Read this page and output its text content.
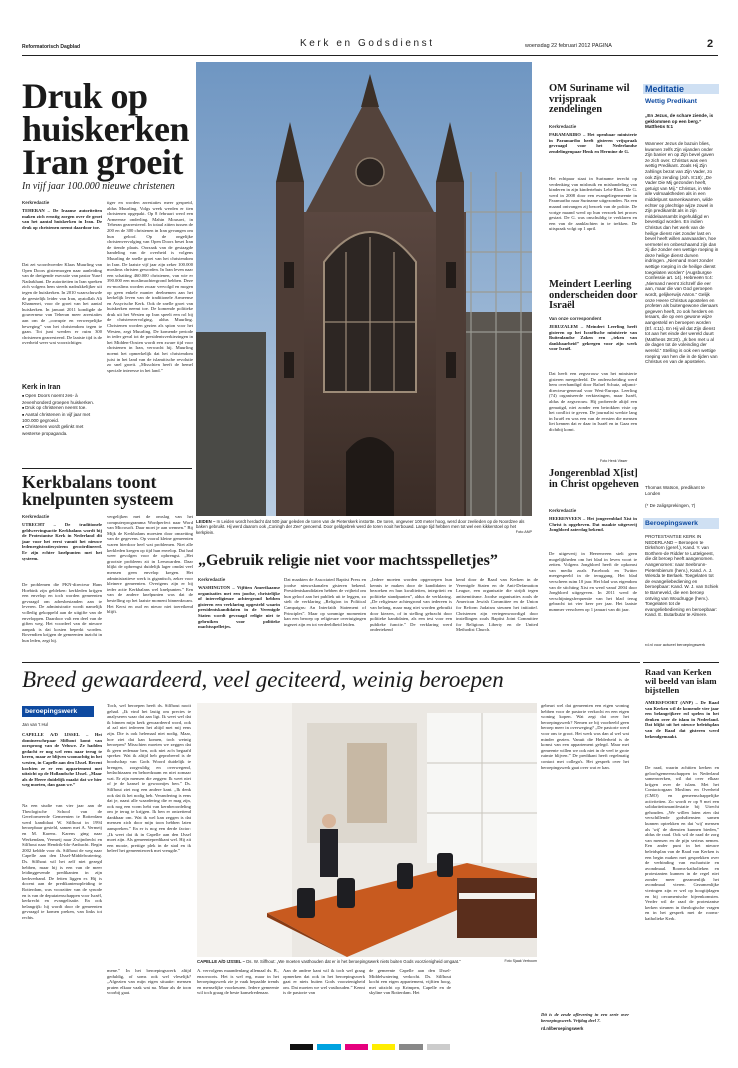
Reformatorisch Dagblad	Kerk en Godsdienst	woensdag 22 februari 2012 PAGINA	2
Druk op huiskerken Iran groeit
In vijf jaar 100.000 nieuwe christenen
Kerkredactie
TEHERAN – De Iraanse autoriteiten maken zich ernstig zorgen over de groei van het aantal huiskerken in Iran. De druk op christenen neemt daardoor toe.
Dat zei woordvoerder Klaas Muurling van Open Doors gistermorgen naar aanleiding van de dreigende executie van pastor Yusef Nadarkhani. De autoriteiten in Iran spreken zich volgens hem steeds nadrukkelijker uit tegen de huiskerken. In 2010 waarschuwde de geestelijk leider van Iran, ayatollah Ali Khamenei, voor de groei van het aantal huiskerken. In januari 2011 kondigde de gouverneur van Teheran meer arrestaties aan om de „corrupte en verwerpelijke beweging” van het christendom tegen te gaan. Tot juni werden er ruim 300 christenen gearresteerd. De laatste tijd is de overheid weer wat voorzichtiger.
Kerk in Iran
■ Open Doors noemt zes- à zevenhonderd groepen huiskerken.
■ Druk op christenen neemt toe.
■ Aantal christenen in vijf jaar met 100.000 gegroeid.
■ Christenen wordt gelinkt met westerse propaganda.
tiger en worden arrestaties meer gespreid, aldus Muurling. Volgs week werden er tien christenen opgepakt. Op 8 februari werd een Armeense onderling. Mahin Mousavi, in Teheran gearresteerd. In totaal zitten tussen de 200 en de 300 christenen in Iran gevangen om hun geloof. Op de ongelijke christenvervolging van Open Doors beset Iran de tiende plaats. Oorzaak van de gestaagde handeling van de overheid is volgens Muurling de snelle groei van het christendom in Iran. De laatste vijf jaar zijn zeker 100.000 moslims christen geworden. In Iran leven naar een schatting 460.000 christenen, van wie er 390.000 een moslimachtergrond hebben. Deze ex-moslims worden zwaar vervolgd en mogen op geen enkele manier deelnemen aan het kerkelijk leven van de traditionele Armeense en Assyrische Kerk. Ook de snelle groei van huiskerken neemt toe. De komende politieke druk uit het Westen op Iran speelt een rol bij de christenvervolging, aldus Muurling. Christenen worden gezien als spion voor het Westen, zegt Muurling. De komende periode in ieder geval tot de presidentsverkiezingen in het Midden-Oosten wordt een zware tijd voor christenen in Iran, verwacht hij. Muurling noemt het opmerkelijk dat het christendom juist in het land van de islamitische revolutie zo snel groeit. „Misschien heeft de hemel speciale interesse in het land.”
LEIDEN – In Leiden wordt herdacht dat 500 jaar geleden de toren van de Pieterskerk instortte. De toren, ongeveer 100 meter hoog, werd door zeelieden op de Noordzee als baken gebruikt. Hij werd daarom ook „Coningh der Zee” genoemd. Door geldgebrek werd de toren nooit herbouwd. Lange tijd hebben men tot wel een kikkerstoel op het kerkplein.	Foto ANP
OM Suriname wil vrijspraak zendelingen
Kerkredactie
PARAMARIBO – Het openbaar ministerie in Paramaribo heeft gisteren vrijspraak gevraagd voor het Nederlandse zendelingenpaar Henk en Hermine de G.
Het echtpaar staat in Suriname terecht op verdenking van misbruik en mishandeling van kinderen in zijn kindertehuis Lebi-Bloei. De G. werd in 2008 door een evangeliegemeente in Paramaribo naar Suriname uitgezonden. Na een maand ontvangen zij bezoek van de politie. De vorige maand werd op hun verzoek het proces gestart. De G. was onschuldig te verklaren en een van de aanklachten in te trekken. De uitspraak volgt op 1 april.
Meindert Leerling onderscheiden door Israël
Van onze correspondent
JERUZALEM – Meindert Leerling heeft gisteren op het Israëlische ministerie van Buitenlandse Zaken een „teken van dankbaarheid” gekregen voor zijn werk voor Israël.
Dat heeft een zegsvrouw van het ministerie gisteren meegedeeld. De onderscheiding werd hem overhandigd door Rafael Schutz, adjunct-directeur-generaal voor West-Europa. Leerling (74) organiseerde verkiezingen, maar Israël, aldus de zegsvrouw. Hij probeerde altijd een gematigd, niet zonder een betrokken visie op het conflict te geven. De journalist werkte lang in Israël en was een van de eersten die mensen liet kennen dat er daar in Israël en in Gaza een dichtbij komt.
Foto Henk Visser
Jongerenblad X[ist] in Christ opgeheven
Kerkredactie
HEERENVEEN – Het jongerenblad Xist in Christ is opgeheven. Dat maakte uitgeverij Jongbloed zaterdag bekend.
De uitgeverij in Heerenveen stelt geen mogelijkheden om het blad in leven voort te zetten. Volgens Jongbloed heeft de opkomst van media zoals Facebook en Twitter meegespeeld in de teruggang. Het blad verscheen ruim 10 jaar. Het blad was eigendom van de stichting Xist en werd vanaf 2004 door Jongbloed uitgegeven. In 2011 werd de verschijningsfrequentie van het blad terug gebracht tot vier keer per jaar. Het laatste nummer verscheen op 1 januari van dit jaar.
Meditatie
Wettig Predikant
„En Jezus, de schare ziende, is geklommen op een berg.” Mattheüs 5:1
Wanneer Jezus de bazuin blies, kwamen zelfs Zijn vijanden onder Zijn banier en op Zijn bevel gaven ze zich over. Christus was een wettig Predikant. Zoals Hij Zijn zahlings bezat van Zijn Vader, zo ook Zijn zending (Joh. 8:18): „De Vader Die Mij gezonden heeft, getuigt van Mij.” Christus, in Wie alle volmaaktheden als in een middelpunt samenkwamen, wilde echter op plechtige wijze zowel in Zijn predikambt als in zijn middelaarsambt ingehuldigd en bevestigd worden. En indien Christus dan het werk van de heilige dienst niet zonder last en bevel heeft willen aanvaarden, hoe vermetel en onbeschaamd zijn dan zij die zonder een wettige roeping in deze heilige dienst durven indringen. „Niemand moet zonder wettige roeping in de heilige dienst toegelaten worden” (Augsburgse Confessie art. 14). Hebreeën 5:4: „Niemand neemt zichzelf die eer aan, maar die van God geroepen wordt, gelijkerwijs Aäron.” Gelijk onze Heere Christus apostelen en profeten als buitengewone dienaars gegeven heeft, zo ook herders en leraars, die op een gewone wijze aangesteld en beroepen worden (Ef. 4:11). En Hij wil dat Zijn dienst tot aan het einde der wereld duurt (Mattheüs 28:20). „Ik ben met u al de dagen tot de voleinding der wereld.” Stelling is ook een wettige roeping van hen die in de tijden van Christus en van de apostelen.
Thomas Watson, predikant te Londen
(* De zaligsprekingen, 7)
Beroepingswerk
PROTESTANTSE KERK IN NEDERLAND – Beroepen te Dirkshorn (geref.), Kand. Y. van Borthem-de Ridder te Luttelgeest, die dit beroep heeft aangenomen. Aangenomen: naar Seebrunn-Pietersbierum (herv.), Kand. A. J. Wiesda te Berlaek. Toegelaten tot de evangeliebediening en beroepbaar: Kand. W. J. van Schiek te Barneveld, die een beroep ontving van Woudrugge (herv.). Toegelaten tot de evangeliebediening en beroepbaar: Kand. E. Butarbutar te Almere.
rd.nl voor actueel beroepingswerk
Kerkbalans toont knelpunten systeem
Kerkredactie
UTRECHT – De traditionele geldwervingsactie Kerkbalans wordt bij de Protestantse Kerk in Nederland dit jaar voor het eerst vanuit het nieuwe ledenregistratiesysteem gecoördineerd. Er zijn echter knelpunten met het systeem.
De problemen die PKN-directeur Hans Hoebink zijn gebleken: kerkleden krijgen een envelop en toch worden gemeenten gevraagd om adresbestanden aan te leveren. De administratie wordt namelijk volledig gekoppeld aan de uitgifte van de enveloppen. Daardoor valt een deel van de giften weg. Het voordeel van de nieuwe aanpak is dat kosten beperkt worden. Bovendien krijgen de gemeenten inzicht in hun leden, zegt hij.
vergelijken met de omslag van het computerprogramma Wordperfect naar Word van Microsoft. Daar moet je aan wennen.” Bij Mijk de Kerkbalans moesten door omzetting van de gegevens. Op vooral kleine gemeenten waren hierdoor heel wat problemen. Niet alle kerkleden kregen op tijd hun envelop. Dat had weer gevolgen voor de opbrengst. „Het grootste probleem zit in Leeuwarden. Daar blijkt de opbrengst duidelijk lager omdat veel mensen geen envelop kregen. Het administratieve werk is gigantisch, zeker voor kleinere gemeenten. Overigens zijn er bij ieder actie Kerkbalans wel knelpunten.” Een van de andere knelpunten was dat de bestelling op het laatste moment binnenkwam. Het Kerst en oud en nieuw niet toereikend blijft.
„Gebruik religie niet voor machtsspelletjes”
Kerkredactie
WASHINGTON – Vijftien Amerikaanse organisaties met een joodse, christelijke of interreligieuze achtergrond hebben gisteren een verklaring opgesteld waarin presidentskandidaten in de Verenigde Staten wordt gevraagd religie niet te gebruiken voor politieke machtsspelletjes.
Dat maakten de Associated Baptist Press en joodse nieuwskanalen gisteren bekend. Presidentskandidaten hebben de vrijheid om hun geloof aan het publiek uit te leggen, zo stelt de verklaring „Religion in Political Campaigns: An Interfaith Statement of Principles”. Maar op sommige momenten kan een beroep op religieuze overtuigingen ingezet zijn en tot verdeeldheid leiden.
„Iedere moeten worden opgeroepen hun kennis te maken door de kandidaten te bezoeken en hun kwaliteiten, integriteit en politieke standpunten”, aldus de verklaring. „De religieuze achtergrond van iedereen is van belang, maar mag niet worden gebruikt door kiezers, of in stelling gebracht door politieke kandidaten, als een test voor een publieke functie.” De verklaring werd ondertekend
kend door de Raad van Kerken in de Verenigde Staten en de Anti-Defamation League, een organisatie die strijdt tegen antisemitisme. Joodse organisaties zoals de American Jewish Committee en de Union for Reform Judaism steunen het initiatief. Christenen zijn vertegenwoordigd door instellingen zoals Baptist Joint Committee for Religious Liberty en de United Methodist Church.
Breed gewaardeerd, veel geciteerd, weinig beroepen
beroepingswerk
Jan van 't Hul
CAPELLE A/D IJSSEL – Het domineeschrpaar Slifhout komt van oorsprong van de Veluwe. Ze hadden gedacht er nog wel eens naar terug te keren, maar ze blijven woonachtig in het westen, in Capelle aan den IJssel. Recent kochten ze er een appartement met uitzicht op de Hollandsche IJssel. „Maar als de Heere duidelijk maakt dat we hier weg moeten, dan gaan we.”
Na een studie van vier jaar aan de Theologische School van de Gereformeerde Gemeenten te Rotterdam werd kandidaat W. Silfhout in 1994 beroepbaar gesteld, samen met A. Vermeij en M. Karens. Karens ging naar Werkendam, Vermeij naar Zwijndrecht en Silfhout naar Hendrik-Ido-Ambacht. Begin 2002 keldde voor ds. Silfhout de weg naar Capelle aan den IJssel-Middelwatering. Ds. Silfhout wil het zelf niet gezegd hebben, maar hij is een van de meer leidinggevende predikanten in zijn kerkverband. De fetten liggen er. Hij is docent aan de predikantenopleiding te Rotterdam, was voorzitter van de synode en is van de deputatenschappen voor Israël, kerkrecht en evangelisatie. En ook belangrijk: hij wordt door de gemeenten gevraagd te komen preken, van links tot rechts.
Toch, wel beroepen heeft ds. Silfhout nooit gehad. „Ik vind het lastig om precies te analyseren waar dat aan ligt. Ik weet wel dat ik binnen mijn kerk gewaardeerd word, ook al zal niet iedereen het altijd met mij eens zijn. Die is ook helemaal niet nodig. Maar, hoe ziet dat kan komen, toch weinig beroepen? Misschien moeten we zeggen dat ik geen redenaar ben, ook niet zo'n begaafd spreker. Wat ik altijd heb geprobeerd is de boodschap van Gods Woord duidelijk te brengen, zorgvuldig en overwegend, bedachtzaam en behoedzaam en niet zomaar wat. Er zijn mensen die zeggen: Ik weet niet of je de kansel te gewoontjes ben.” Ds. Silfhout ziet nog een andere kant. „Ik denk ook dat ik het nodig heb. Verandering is eens dat je, naast alle waardering die er mag zijn, ook nog een vorm hebt van kernbeoordeling om je terug te krijgen. Ik ben er ontzettend dankbaar om. Wat ik wel kan zeggen is dat mensen zich door mijn toon hebben laten aanspreken.” En er is nog een derde factor: „Ik weet dat ik in Capelle aan den IJssel moet zijn. Als gemeentepredikant wel. Hij zit een mooie, prettige plek in de stad en ik beleef het gemeentewerk met vreugde.”
CAPELLE A/D IJSSEL – Ds. W. Silfhout: „We moeten vasthouden dat er in het beroepingswerk niets buiten Gods voorzienigheid omgaat.”	Foto Sjaak Verboom
mene.” In het beroepingswerk altijd geduldig, of soms ook wel vleselijk? „Afgezien van mijn eigen situatie: mensen praten elkaar vaak wat na. Maar als de toon voorbij gaat.
A. vervolgens maandenlang allemaal ds. B., enzovoorts. Het is wel erg, maar in het beroepingswerk zie je vaak bepaalde trends en menselijke voorkeuren. Iedere gemeente wil toch graag de beste kanselredenaar.
Aan de andere kant wil ik toch wel graag opmerken dat ook in het beroepingswerk gaat er niets buiten Gods voorzienigheid om. Dat moeten we wel vasthouden.” Kennt is de pastorie van
de gemeente Capelle aan den IJssel-Middelwatering verkocht. Ds. Silfhout kocht een eigen appartement, vijftien hoog, met uitzicht op Krimpen, Capelle en de skyline van Rotterdam. Het
gebeurt wel dat gemeenten een eigen woning hebben voor de pastorie verkocht en een eigen woning kopen. Wat zegt dat over het beroepingswerk? Nemen ze bij voorbeeld geen beroep meer in overweging? „De pastorie werd voor ons te groot. Het werk was dan al wel wat minder gezien. Vanuit die Helderheid is de komst van een appartement gelegd. Maar met gemeente willen we ook niet in de veel te grote ruimte blijven.” De predikant heeft regelmatig contact met collega's. Het gesprek over het beroepingswerk gaat over wat er kan.
Dit is de zesde aflevering in een serie over beroepingswerk. Vrijdag deel 7.
rd.nl/beroepingswerk
Raad van Kerken wil beeld van islam bijstellen
AMERSFOORT (ANP) – De Raad van Kerken wil de komende vier jaar een belangrijkere rol spelen in het denken over de islam in Nederland. Dat blijkt uit het nieuwe beleidsplan van de Raad dat gisteren werd bekendgemaakt.
De raad, waarin achttien kerken en geloofsgemeenschappen in Nederland samenwerken, wil dat over elkaar krijgen over de islam. Met het Contactorgaan Moslims en Overheid (CMO) en gemeenschappelijke activiteiten. Zo wordt er op 9 mei een solidariteitsmanifestatie bij Utrecht gehouden. „We willen laten zien dat verschillende godsdiensten samen kunnen optrekken en dat 'wij' mensen als 'wij' de diensten kunnen bieden,” aldus de raad. Ook wil de raad de zorg van mensen en de pijn serieus nemen. Een ander punt in het nieuwe beleidsplan van de Raad van Kerken is een begin maken met gesprekken over de verbinding van eucharistie en avondmaal. Rooms-katholieken en protestanten kunnen in de regel niet zonder meer gezamenlijk het avondmaal vieren. Gezamenlijke vieringen zijn er wel op hoogtijdagen en bij oecumenische bijeenkomsten. Verder wil de raad de protestantse kerken steunen in theologische vragen en in het gesprek met de rooms-katholieke Kerk.
